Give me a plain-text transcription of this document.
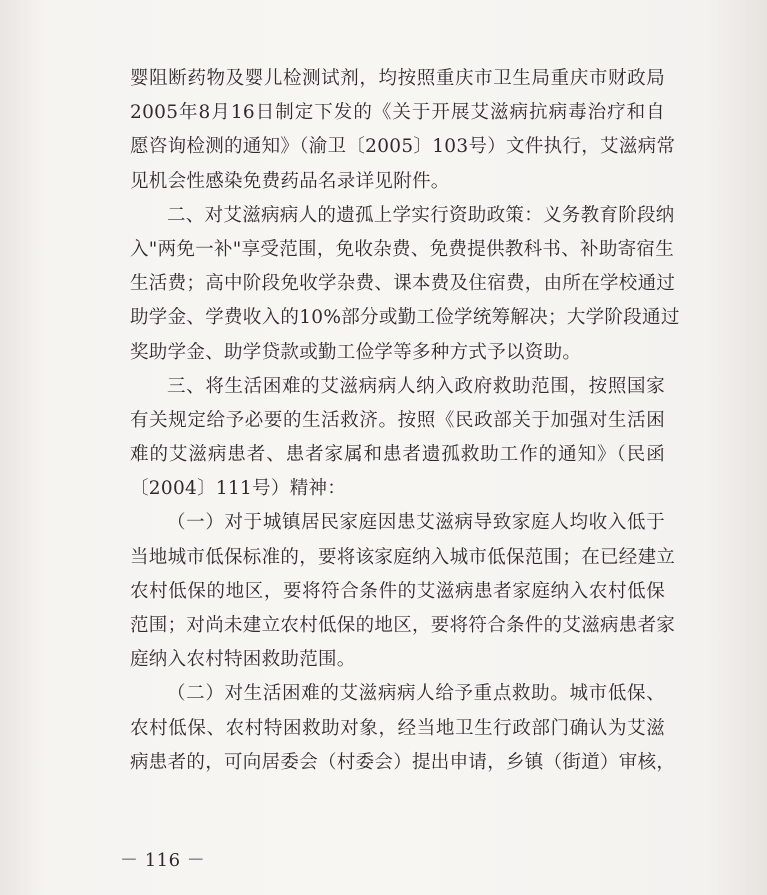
婴阻断药物及婴儿检测试剂，均按照重庆市卫生局重庆市财政局
2005年8月16日制定下发的《关于开展艾滋病抗病毒治疗和自
愿咨询检测的通知》（渝卫〔2005〕103号）文件执行，艾滋病常
见机会性感染免费药品名录详见附件。
二、对艾滋病病人的遗孤上学实行资助政策：义务教育阶段纳
入"两免一补"享受范围，免收杂费、免费提供教科书、补助寄宿生
生活费；高中阶段免收学杂费、课本费及住宿费，由所在学校通过
助学金、学费收入的10%部分或勤工俭学统筹解决；大学阶段通过
奖助学金、助学贷款或勤工俭学等多种方式予以资助。
三、将生活困难的艾滋病病人纳入政府救助范围，按照国家
有关规定给予必要的生活救济。按照《民政部关于加强对生活困
难的艾滋病患者、患者家属和患者遗孤救助工作的通知》（民函
〔2004〕111号）精神：
（一）对于城镇居民家庭因患艾滋病导致家庭人均收入低于
当地城市低保标准的，要将该家庭纳入城市低保范围；在已经建立
农村低保的地区，要将符合条件的艾滋病患者家庭纳入农村低保
范围；对尚未建立农村低保的地区，要将符合条件的艾滋病患者家
庭纳入农村特困救助范围。
（二）对生活困难的艾滋病病人给予重点救助。城市低保、
农村低保、农村特困救助对象，经当地卫生行政部门确认为艾滋
病患者的，可向居委会（村委会）提出申请，乡镇（街道）审核，
－ 116 －
